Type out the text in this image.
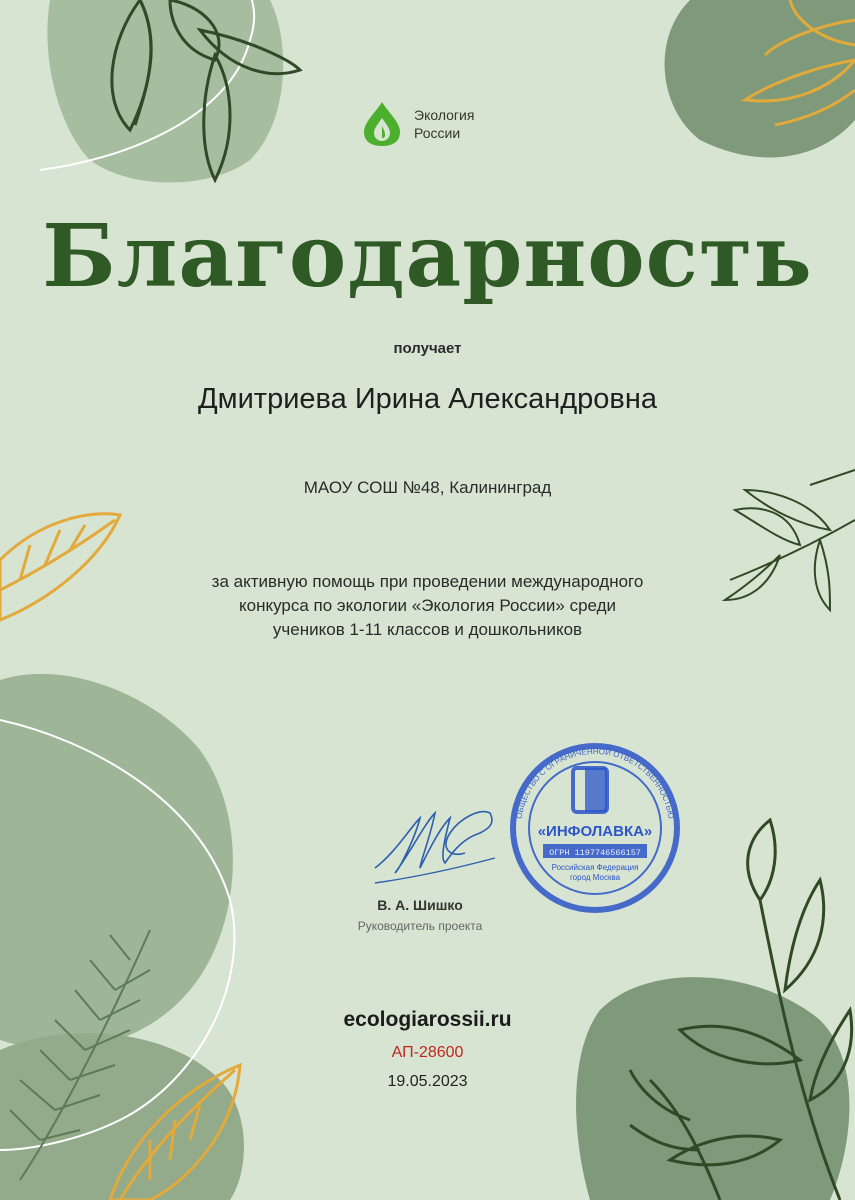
Экология
России
Благодарность
получает
Дмитриева Ирина Александровна
МАОУ СОШ №48, Калининград
за активную помощь при проведении международного
конкурса по экологии «Экология России» среди
учеников 1-11 классов и дошкольников
В. А. Шишко
Руководитель проекта
ОБЩЕСТВО С ОГРАНИЧЕННОЙ ОТВЕТСТВЕННОСТЬЮ
«ИНФОЛАВКА»
ОГРН 1197746566157
Российская Федерация
город Москва
ecologiarossii.ru
АП-28600
19.05.2023
